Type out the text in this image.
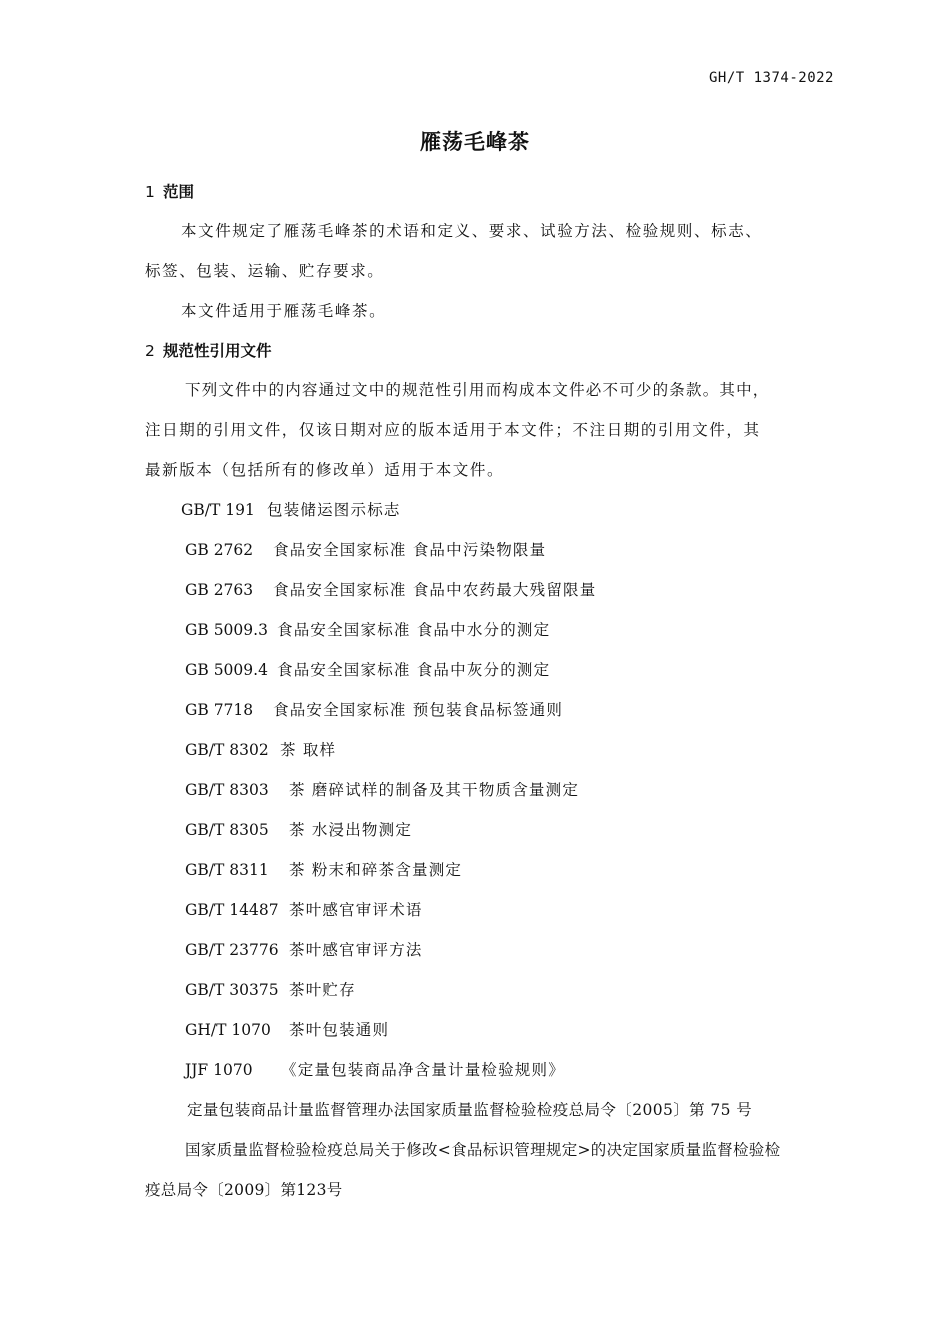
GH/T 1374-2022
雁荡毛峰茶
1 范围
本文件规定了雁荡毛峰茶的术语和定义、要求、试验方法、检验规则、标志、
标签、包装、运输、贮存要求。
本文件适用于雁荡毛峰茶。
2 规范性引用文件
下列文件中的内容通过文中的规范性引用而构成本文件必不可少的条款。其中，
注日期的引用文件，仅该日期对应的版本适用于本文件；不注日期的引用文件，其
最新版本（包括所有的修改单）适用于本文件。
GB/T 191 包装储运图示标志
GB 2762 食品安全国家标准 食品中污染物限量
GB 2763 食品安全国家标准 食品中农药最大残留限量
GB 5009.3 食品安全国家标准 食品中水分的测定
GB 5009.4 食品安全国家标准 食品中灰分的测定
GB 7718 食品安全国家标准 预包装食品标签通则
GB/T 8302 茶 取样
GB/T 8303 茶 磨碎试样的制备及其干物质含量测定
GB/T 8305 茶 水浸出物测定
GB/T 8311 茶 粉末和碎茶含量测定
GB/T 14487 茶叶感官审评术语
GB/T 23776 茶叶感官审评方法
GB/T 30375 茶叶贮存
GH/T 1070 茶叶包装通则
JJF 1070 《定量包装商品净含量计量检验规则》
定量包装商品计量监督管理办法国家质量监督检验检疫总局令〔2005〕第 75 号
国家质量监督检验检疫总局关于修改<食品标识管理规定>的决定国家质量监督检验检
疫总局令〔2009〕第123号
